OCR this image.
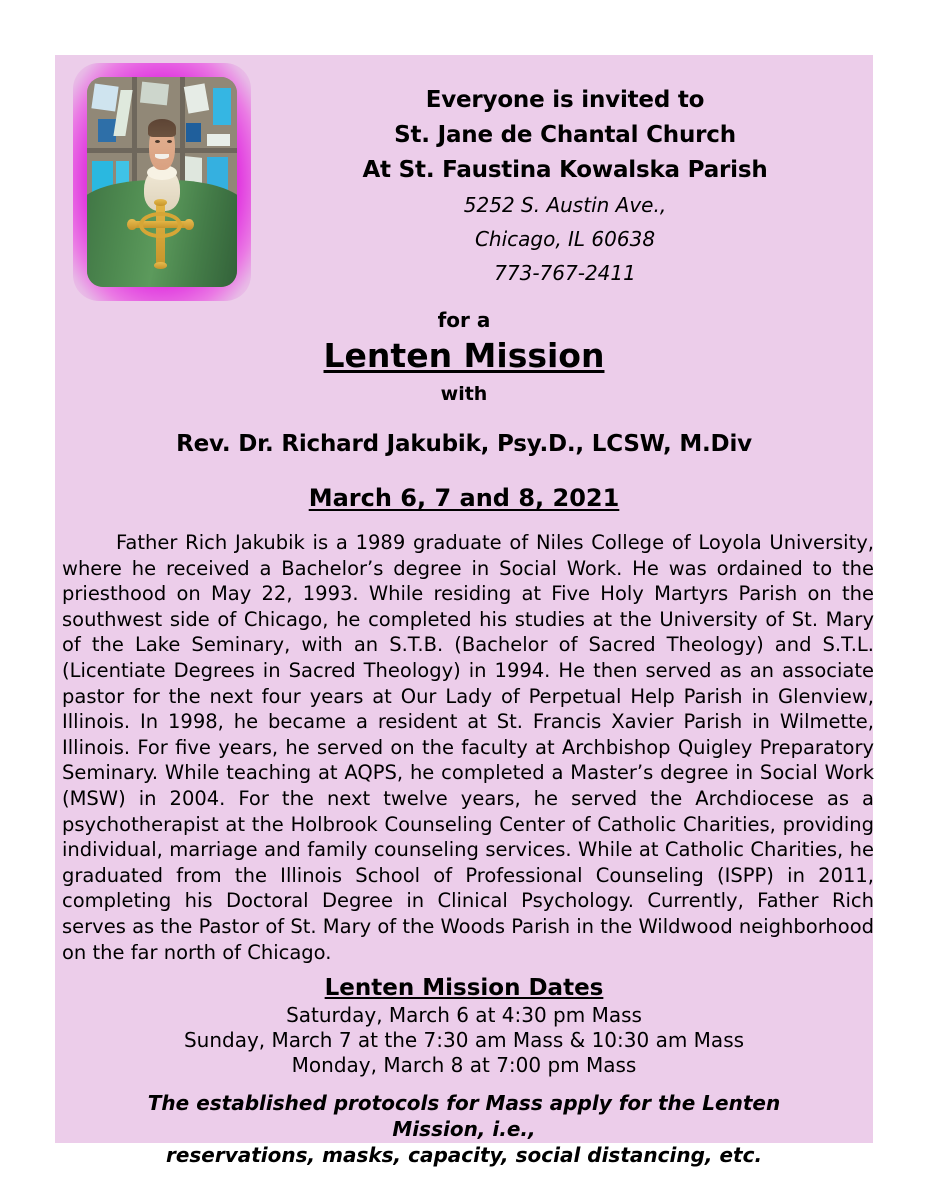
Everyone is invited to
St. Jane de Chantal Church
At St. Faustina Kowalska Parish
5252 S. Austin Ave.,
Chicago, IL 60638
773-767-2411
for a
Lenten Mission
with
Rev. Dr. Richard Jakubik, Psy.D., LCSW, M.Div
March 6, 7 and 8, 2021
Father Rich Jakubik is a 1989 graduate of Niles College of Loyola University, where he received a Bachelor’s degree in Social Work. He was ordained to the priesthood on May 22, 1993. While residing at Five Holy Martyrs Parish on the southwest side of Chicago, he completed his studies at the University of St. Mary of the Lake Seminary, with an S.T.B. (Bachelor of Sacred Theology) and S.T.L. (Licentiate Degrees in Sacred Theology) in 1994. He then served as an associate pastor for the next four years at Our Lady of Perpetual Help Parish in Glenview, Illinois. In 1998, he became a resident at St. Francis Xavier Parish in Wilmette, Illinois. For five years, he served on the faculty at Archbishop Quigley Preparatory Seminary. While teaching at AQPS, he completed a Master’s degree in Social Work (MSW) in 2004. For the next twelve years, he served the Archdiocese as a psychotherapist at the Holbrook Counseling Center of Catholic Charities, providing individual, marriage and family counseling services. While at Catholic Charities, he graduated from the Illinois School of Professional Counseling (ISPP) in 2011, completing his Doctoral Degree in Clinical Psychology. Currently, Father Rich serves as the Pastor of St. Mary of the Woods Parish in the Wildwood neighborhood on the far north of Chicago.
Lenten Mission Dates
Saturday, March 6 at 4:30 pm Mass
Sunday, March 7 at the 7:30 am Mass & 10:30 am Mass
Monday, March 8 at 7:00 pm Mass
The established protocols for Mass apply for the Lenten Mission, i.e.,
reservations, masks, capacity, social distancing, etc.
